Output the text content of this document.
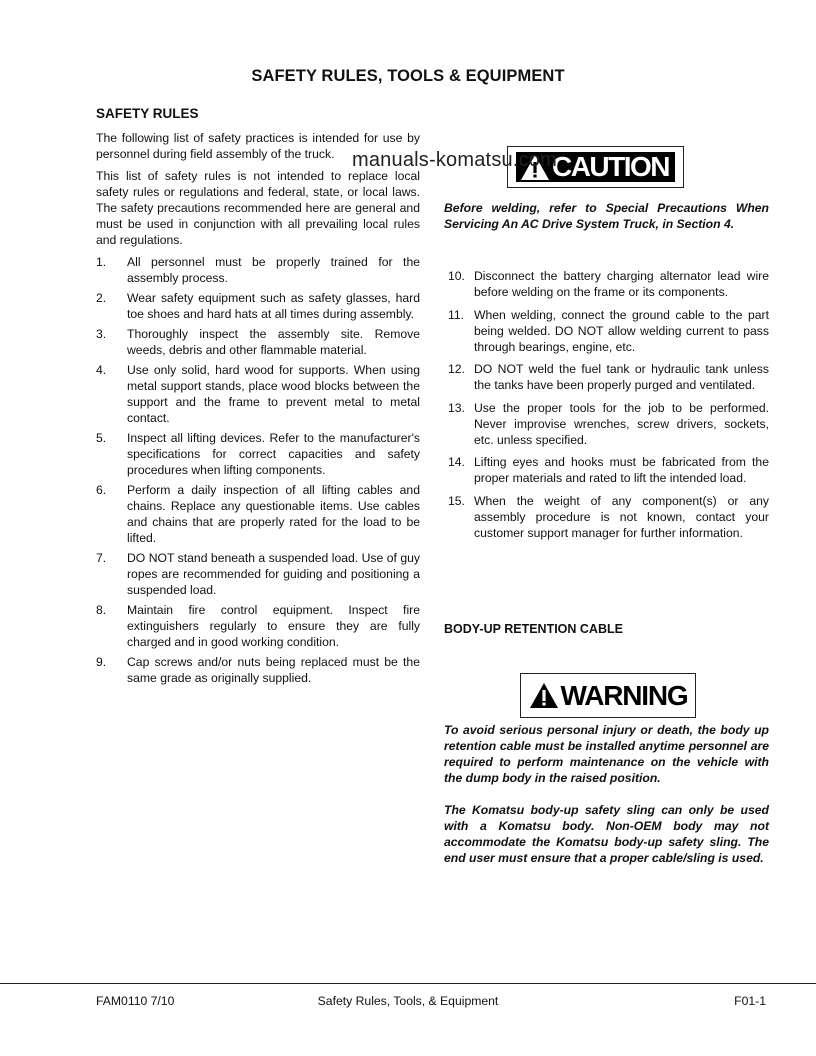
SAFETY RULES, TOOLS & EQUIPMENT
SAFETY RULES

The following list of safety practices is intended for use by personnel during field assembly of the truck.

This list of safety rules is not intended to replace local safety rules or regulations and federal, state, or local laws. The safety precautions recommended here are general and must be used in conjunction with all prevailing local rules and regulations.

1.	All personnel must be properly trained for the assembly process.
2.	Wear safety equipment such as safety glasses, hard toe shoes and hard hats at all times during assembly.
3.	Thoroughly inspect the assembly site. Remove weeds, debris and other flammable material.
4.	Use only solid, hard wood for supports. When using metal support stands, place wood blocks between the support and the frame to prevent metal to metal contact.
5.	Inspect all lifting devices. Refer to the manufacturer's specifications for correct capacities and safety procedures when lifting components.
6.	Perform a daily inspection of all lifting cables and chains. Replace any questionable items. Use cables and chains that are properly rated for the load to be lifted.
7.	DO NOT stand beneath a suspended load. Use of guy ropes are recommended for guiding and positioning a suspended load.
8.	Maintain fire control equipment. Inspect fire extinguishers regularly to ensure they are fully charged and in good working condition.
9.	Cap screws and/or nuts being replaced must be the same grade as originally supplied.
CAUTION
manuals-komatsu.com

Before welding, refer to Special Precautions When Servicing An AC Drive System Truck, in Section 4.

10. Disconnect the battery charging alternator lead wire before welding on the frame or its components.
11. When welding, connect the ground cable to the part being welded. DO NOT allow welding current to pass through bearings, engine, etc.
12. DO NOT weld the fuel tank or hydraulic tank unless the tanks have been properly purged and ventilated.
13. Use the proper tools for the job to be performed. Never improvise wrenches, screw drivers, sockets, etc. unless specified.
14. Lifting eyes and hooks must be fabricated from the proper materials and rated to lift the intended load.
15. When the weight of any component(s) or any assembly procedure is not known, contact your customer support manager for further information.
BODY-UP RETENTION CABLE
WARNING

To avoid serious personal injury or death, the body up retention cable must be installed anytime personnel are required to perform maintenance on the vehicle with the dump body in the raised position.

The Komatsu body-up safety sling can only be used with a Komatsu body. Non-OEM body may not accommodate the Komatsu body-up safety sling. The end user must ensure that a proper cable/sling is used.

FAM0110 7/10	Safety Rules, Tools, & Equipment	F01-1
